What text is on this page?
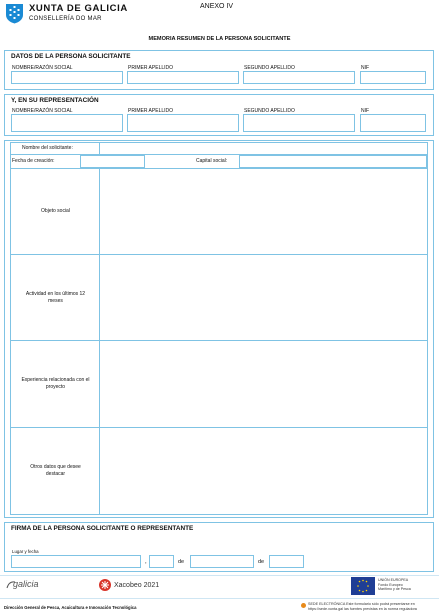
XUNTA DE GALICIA
CONSELLERÍA DO MAR
ANEXO IV
MEMORIA RESUMEN DE LA PERSONA SOLICITANTE
DATOS DE LA PERSONA SOLICITANTE
NOMBRE/RAZÓN SOCIAL	PRIMER APELLIDO	SEGUNDO APELLIDO	NIF
Y, EN SU REPRESENTACIÓN
NOMBRE/RAZÓN SOCIAL	PRIMER APELLIDO	SEGUNDO APELLIDO	NIF
Nombre del solicitante:
Fecha de creación:	Capital social:
Objeto social
Actividad en los últimos 12 meses
Experiencia relacionada con el proyecto
Otros datos que desee destacar
FIRMA DE LA PERSONA SOLICITANTE O REPRESENTANTE
Lugar y fecha
,	de	de
galicia	Xacobeo 2021
UNIÓN EUROPEA
Fondo Europeo
Marítimo y de Pesca
Dirección General de Pesca, Acuicultura e Innovación Tecnológica
SEDE ELECTRÓNICA Este formulario sólo podrá presentarse en
https://sede.xunta.gal las fuentes previstas en la norma reguladora
